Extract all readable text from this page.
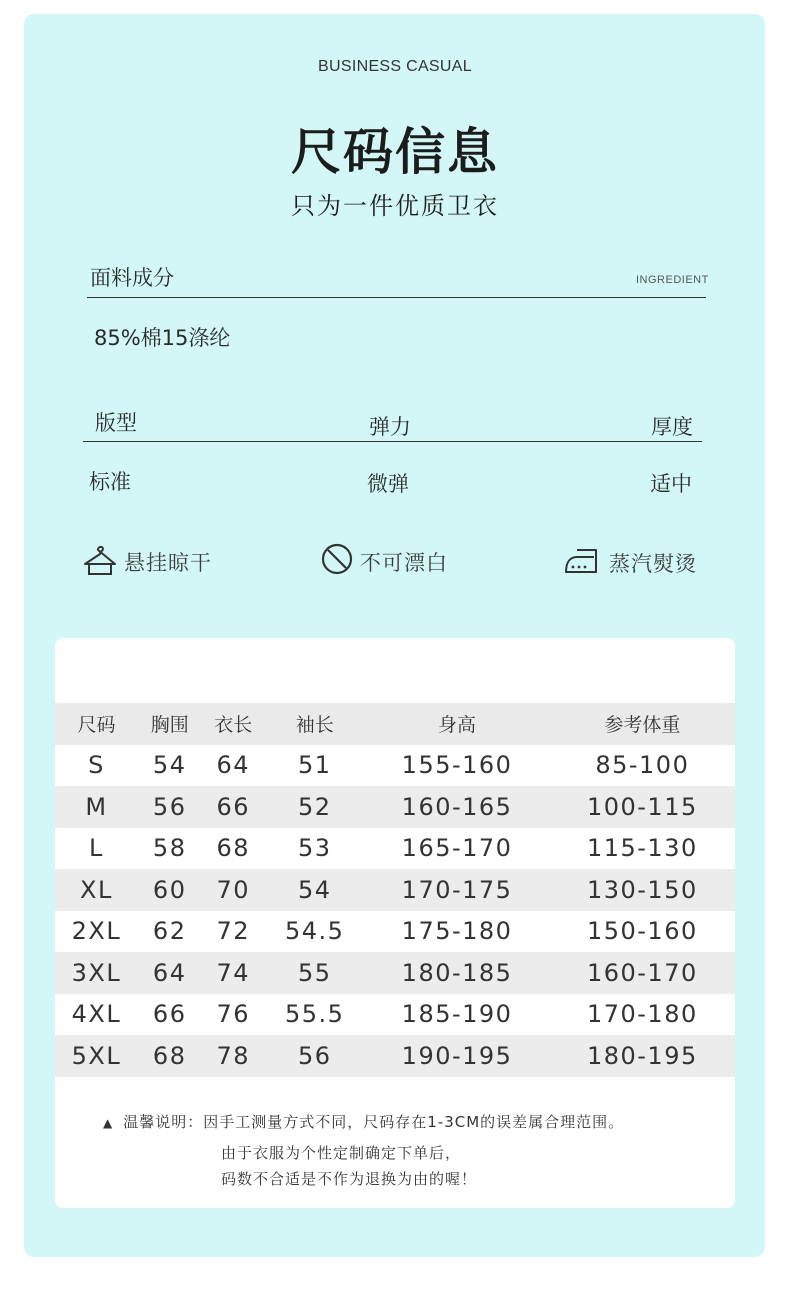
BUSINESS CASUAL
尺码信息
只为一件优质卫衣
面料成分	INGREDIENT
85%棉15涤纶
版型	弹力	厚度
标准	微弹	适中
悬挂晾干	不可漂白	蒸汽熨烫
尺码	胸围	衣长	袖长	身高	参考体重
S	54	64	51	155-160	85-100
M	56	66	52	160-165	100-115
L	58	68	53	165-170	115-130
XL	60	70	54	170-175	130-150
2XL	62	72	54.5	175-180	150-160
3XL	64	74	55	180-185	160-170
4XL	66	76	55.5	185-190	170-180
5XL	68	78	56	190-195	180-195
▲ 温馨说明：因手工测量方式不同，尺码存在1-3CM的误差属合理范围。
由于衣服为个性定制确定下单后，
码数不合适是不作为退换为由的喔！
